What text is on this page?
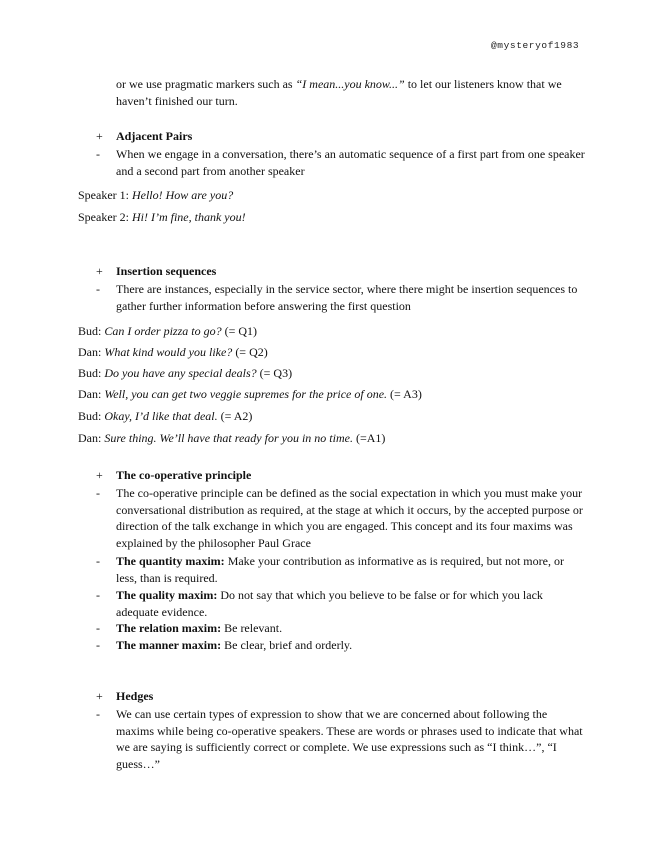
@mysteryof1983
or we use pragmatic markers such as “I mean...you know...” to let our listeners know that we haven’t finished our turn.
+	Adjacent Pairs
-	When we engage in a conversation, there’s an automatic sequence of a first part from one speaker and a second part from another speaker
Speaker 1: Hello! How are you?
Speaker 2: Hi! I’m fine, thank you!
+	Insertion sequences
-	There are instances, especially in the service sector, where there might be insertion sequences to gather further information before answering the first question
Bud: Can I order pizza to go? (= Q1)
Dan: What kind would you like? (= Q2)
Bud: Do you have any special deals? (= Q3)
Dan: Well, you can get two veggie supremes for the price of one. (= A3)
Bud: Okay, I’d like that deal. (= A2)
Dan: Sure thing. We’ll have that ready for you in no time. (=A1)
+	The co-operative principle
-	The co-operative principle can be defined as the social expectation in which you must make your conversational distribution as required, at the stage at which it occurs, by the accepted purpose or direction of the talk exchange in which you are engaged. This concept and its four maxims was explained by the philosopher Paul Grace
-	The quantity maxim: Make your contribution as informative as is required, but not more, or less, than is required.
-	The quality maxim: Do not say that which you believe to be false or for which you lack adequate evidence.
-	The relation maxim: Be relevant.
-	The manner maxim: Be clear, brief and orderly.
+	Hedges
-	We can use certain types of expression to show that we are concerned about following the maxims while being co-operative speakers. These are words or phrases used to indicate that what we are saying is sufficiently correct or complete. We use expressions such as “I think…”, “I guess…”
